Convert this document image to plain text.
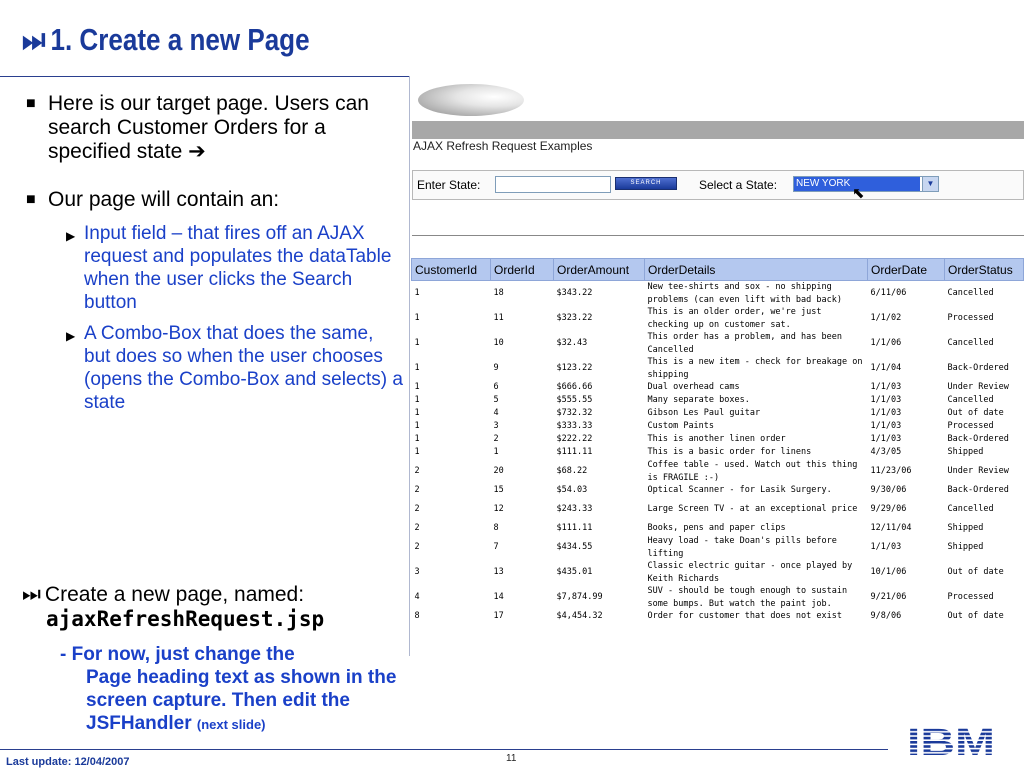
⏭ 1. Create a new Page
■ Here is our target page. Users can search Customer Orders for a specified state ➔
■ Our page will contain an:
▶ Input field – that fires off an AJAX request and populates the dataTable when the user clicks the Search button
▶ A Combo-Box that does the same, but does so when the user chooses (opens the Combo-Box and selects) a state
⏭ Create a new page, named:
ajaxRefreshRequest.jsp
- For now, just change the
Page heading text as shown in the screen capture. Then edit the JSFHandler (next slide)
AJAX Refresh Request Examples
Enter State:	SEARCH	Select a State: NEW YORK	▼
⬉
CustomerId	OrderId	OrderAmount	OrderDetails	OrderDate	OrderStatus
1	18	$343.22	New tee-shirts and sox - no shipping problems (can even lift with bad back)	6/11/06	Cancelled
1	11	$323.22	This is an older order, we're just checking up on customer sat.	1/1/02	Processed
1	10	$32.43	This order has a problem, and has been Cancelled	1/1/06	Cancelled
1	9	$123.22	This is a new item - check for breakage on shipping	1/1/04	Back-Ordered
1	6	$666.66	Dual overhead cams	1/1/03	Under Review
1	5	$555.55	Many separate boxes.	1/1/03	Cancelled
1	4	$732.32	Gibson Les Paul guitar	1/1/03	Out of date
1	3	$333.33	Custom Paints	1/1/03	Processed
1	2	$222.22	This is another linen order	1/1/03	Back-Ordered
1	1	$111.11	This is a basic order for linens	4/3/05	Shipped
2	20	$68.22	Coffee table - used. Watch out this thing is FRAGILE :-)	11/23/06	Under Review
2	15	$54.03	Optical Scanner - for Lasik Surgery.	9/30/06	Back-Ordered
2	12	$243.33	Large Screen TV - at an exceptional price	9/29/06	Cancelled
2	8	$111.11	Books, pens and paper clips	12/11/04	Shipped
2	7	$434.55	Heavy load - take Doan's pills before lifting	1/1/03	Shipped
3	13	$435.01	Classic electric guitar - once played by Keith Richards	10/1/06	Out of date
4	14	$7,874.99	SUV - should be tough enough to sustain some bumps. But watch the paint job.	9/21/06	Processed
8	17	$4,454.32	Order for customer that does not exist	9/8/06	Out of date
Last update: 12/04/2007	11	IBM
